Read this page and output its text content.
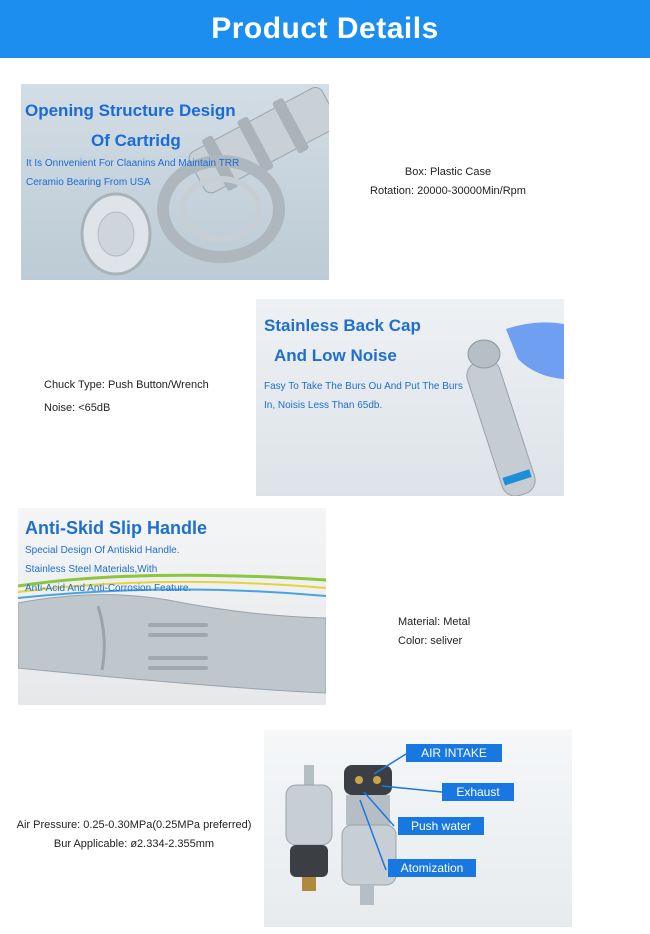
Product Details
Opening Structure Design
Of Cartridg
It Is Onnvenient For Claanins And Maintain TRR
Ceramio Bearing From USA
Box: Plastic Case
Rotation: 20000-30000Min/Rpm
Stainless Back Cap
And Low Noise
Fasy To Take The Burs Ou And Put The Burs
In, Noisis Less Than 65db.
Chuck Type: Push Button/Wrench
Noise: <65dB
Anti-Skid Slip Handle
Special Design Of Antiskid Handle.
Stainless Steel Materials,With
Anti-Acid And Anti-Corrosion Feature.
Material: Metal
Color: seliver
Air Pressure: 0.25-0.30MPa(0.25MPa preferred)
Bur Applicable: ø2.334-2.355mm
AIR INTAKE
Exhaust
Push water
Atomization
